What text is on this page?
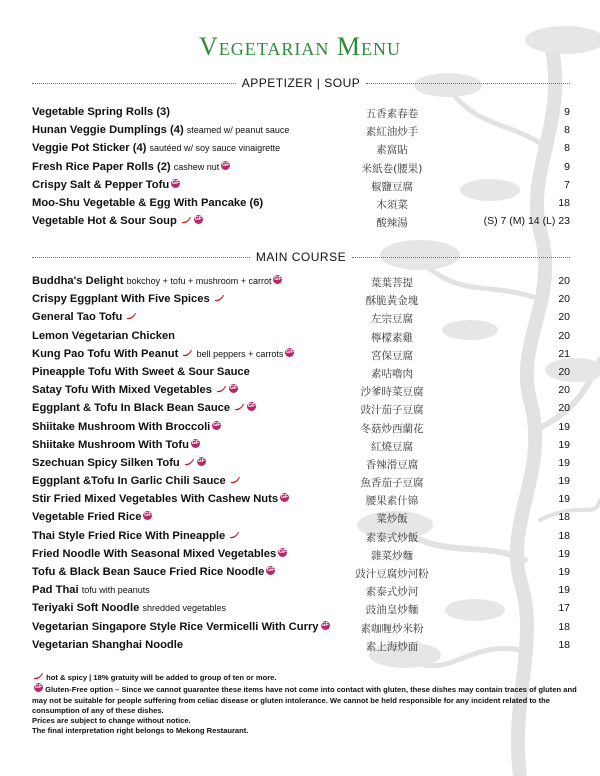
Vegetarian Menu
APPETIZER | SOUP
Vegetable Spring Rolls (3)	五香素春卷	9
Hunan Veggie Dumplings (4) steamed w/ peanut sauce	素紅油炒手	8
Veggie Pot Sticker (4) sautéed w/ soy sauce vinaigrette	素窩貼	8
Fresh Rice Paper Rolls (2) cashew nut GF	米紙卷(腰果)	9
Crispy Salt & Pepper Tofu GF	椒鹽豆腐	7
Moo-Shu Vegetable & Egg With Pancake (6)	木須菜	18
Vegetable Hot & Sour Soup	GF	酸辣湯	(S) 7 (M) 14 (L) 23
MAIN COURSE
Buddha's Delight bokchoy + tofu + mushroom + carrot GF	葉葉菩提	20
Crispy Eggplant With Five Spices	酥脆黃金塊	20
General Tao Tofu	左宗豆腐	20
Lemon Vegetarian Chicken	檸檬素雞	20
Kung Pao Tofu With Peanut bell peppers + carrots GF	宮保豆腐	21
Pineapple Tofu With Sweet & Sour Sauce	素咕嚕肉	20
Satay Tofu With Mixed Vegetables	GF	沙爹時菜豆腐	20
Eggplant & Tofu In Black Bean Sauce	GF	豉汁茄子豆腐	20
Shiitake Mushroom With Broccoli GF	冬菇炒西蘭花	19
Shiitake Mushroom With Tofu GF	紅燒豆腐	19
Szechuan Spicy Silken Tofu	GF	香辣滑豆腐	19
Eggplant &Tofu In Garlic Chili Sauce	魚香茄子豆腐	19
Stir Fried Mixed Vegetables With Cashew Nuts GF	腰果素什锦	19
Vegetable Fried Rice GF	菜炒飯	18
Thai Style Fried Rice With Pineapple	素泰式炒飯	18
Fried Noodle With Seasonal Mixed Vegetables GF	雜菜炒麵	19
Tofu & Black Bean Sauce Fried Rice Noodle GF	豉汁豆腐炒河粉	19
Pad Thai tofu with peanuts	素泰式炒河	19
Teriyaki Soft Noodle shredded vegetables	豉油皇炒麵	17
Vegetarian Singapore Style Rice Vermicelli With Curry GF	素咖喱炒米粉	18
Vegetarian Shanghai Noodle	素上海炒面	18

hot & spicy | 18% gratuity will be added to group of ten or more.

GF Gluten-Free option – Since we cannot guarantee these items have not come into contact with gluten, these dishes may contain traces of gluten and may not be suitable for people suffering from celiac disease or gluten intolerance. We cannot be held responsible for any incident related to the consumption of any of these dishes.

Prices are subject to change without notice.

The final interpretation right belongs to Mekong Restaurant.
